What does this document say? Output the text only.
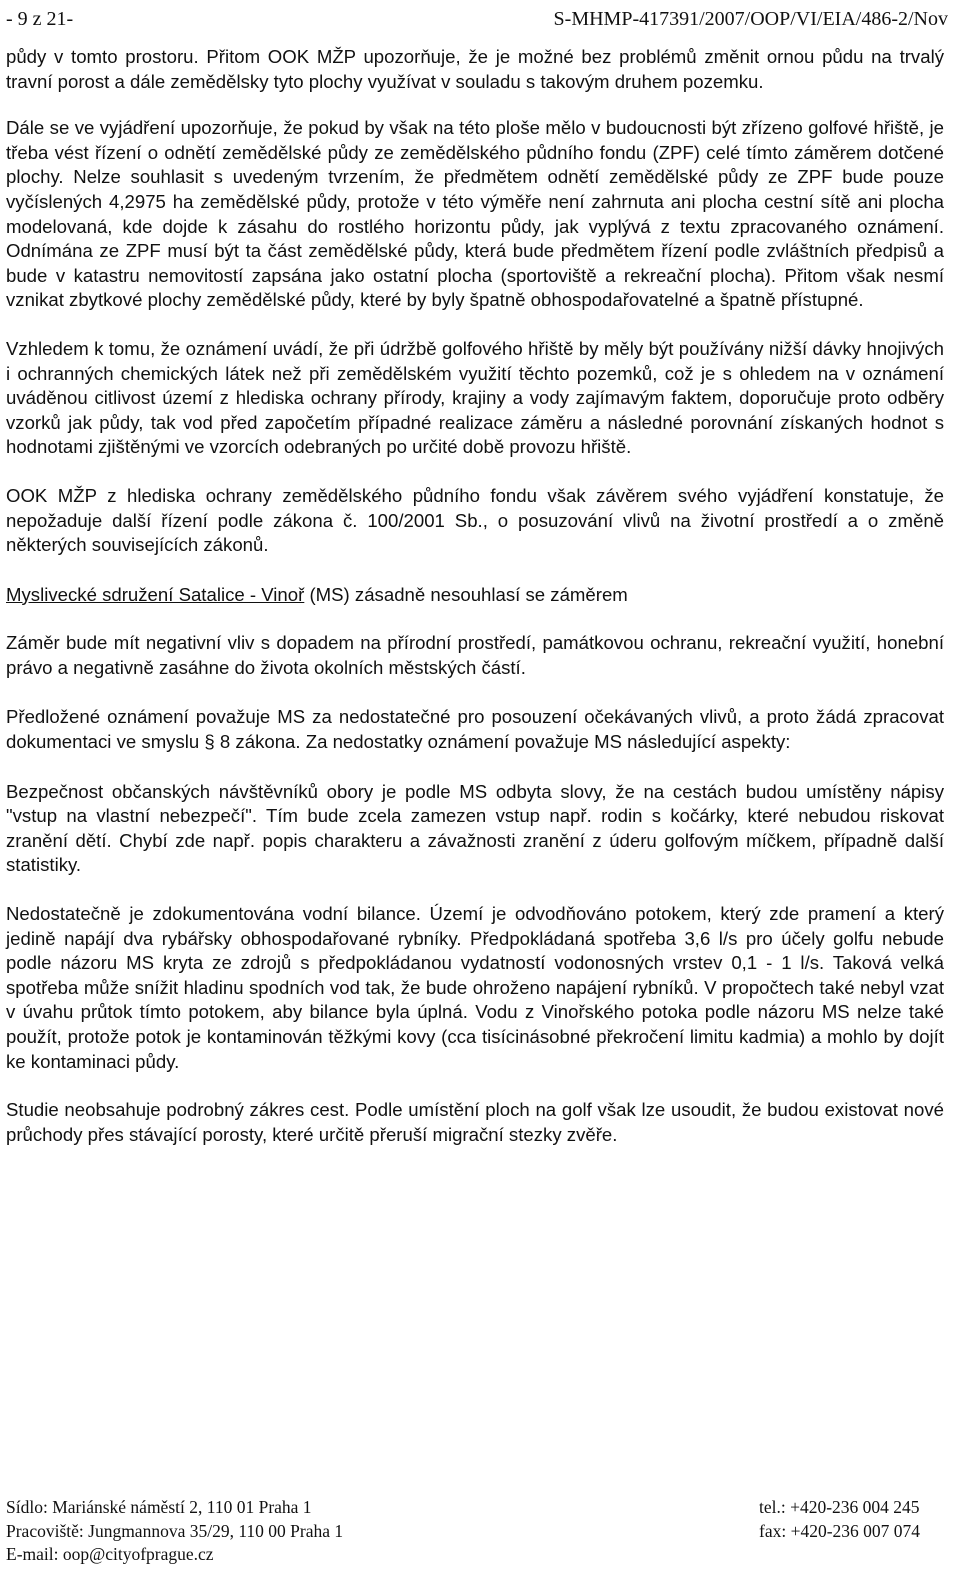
- 9 z 21-	S-MHMP-417391/2007/OOP/VI/EIA/486-2/Nov

půdy v tomto prostoru. Přitom OOK MŽP upozorňuje, že je možné bez problémů změnit ornou půdu na trvalý travní porost a dále zemědělsky tyto plochy využívat v souladu s takovým druhem pozemku.

Dále se ve vyjádření upozorňuje, že pokud by však na této ploše mělo v budoucnosti být zřízeno golfové hřiště, je třeba vést řízení o odnětí zemědělské půdy ze zemědělského půdního fondu (ZPF) celé tímto záměrem dotčené plochy. Nelze souhlasit s uvedeným tvrzením, že předmětem odnětí zemědělské půdy ze ZPF bude pouze vyčíslených 4,2975 ha zemědělské půdy, protože v této výměře není zahrnuta ani plocha cestní sítě ani plocha modelovaná, kde dojde k zásahu do rostlého horizontu půdy, jak vyplývá z textu zpracovaného oznámení. Odnímána ze ZPF musí být ta část zemědělské půdy, která bude předmětem řízení podle zvláštních předpisů a bude v katastru nemovitostí zapsána jako ostatní plocha (sportoviště a rekreační plocha). Přitom však nesmí vznikat zbytkové plochy zemědělské půdy, které by byly špatně obhospodařovatelné a špatně přístupné.

Vzhledem k tomu, že oznámení uvádí, že při údržbě golfového hřiště by měly být používány nižší dávky hnojivých i ochranných chemických látek než při zemědělském využití těchto pozemků, což je s ohledem na v oznámení uváděnou citlivost území z hlediska ochrany přírody, krajiny a vody zajímavým faktem, doporučuje proto odběry vzorků jak půdy, tak vod před započetím případné realizace záměru a následné porovnání získaných hodnot s hodnotami zjištěnými ve vzorcích odebraných po určité době provozu hřiště.

OOK MŽP z hlediska ochrany zemědělského půdního fondu však závěrem svého vyjádření konstatuje, že nepožaduje další řízení podle zákona č. 100/2001 Sb., o posuzování vlivů na životní prostředí a o změně některých souvisejících zákonů.

Myslivecké sdružení Satalice - Vinoř (MS) zásadně nesouhlasí se záměrem

Záměr bude mít negativní vliv s dopadem na přírodní prostředí, památkovou ochranu, rekreační využití, honební právo a negativně zasáhne do života okolních městských částí.

Předložené oznámení považuje MS za nedostatečné pro posouzení očekávaných vlivů, a proto žádá zpracovat dokumentaci ve smyslu § 8 zákona. Za nedostatky oznámení považuje MS následující aspekty:

Bezpečnost občanských návštěvníků obory je podle MS odbyta slovy, že na cestách budou umístěny nápisy "vstup na vlastní nebezpečí". Tím bude zcela zamezen vstup např. rodin s kočárky, které nebudou riskovat zranění dětí. Chybí zde např. popis charakteru a závažnosti zranění z úderu golfovým míčkem, případně další statistiky.

Nedostatečně je zdokumentována vodní bilance. Území je odvodňováno potokem, který zde pramení a který jedině napájí dva rybářsky obhospodařované rybníky. Předpokládaná spotřeba 3,6 l/s pro účely golfu nebude podle názoru MS kryta ze zdrojů s předpokládanou vydatností vodonosných vrstev 0,1 - 1 l/s. Taková velká spotřeba může snížit hladinu spodních vod tak, že bude ohroženo napájení rybníků. V propočtech také nebyl vzat v úvahu průtok tímto potokem, aby bilance byla úplná. Vodu z Vinořského potoka podle názoru MS nelze také použít, protože potok je kontaminován těžkými kovy (cca tisícinásobné překročení limitu kadmia) a mohlo by dojít ke kontaminaci půdy.

Studie neobsahuje podrobný zákres cest. Podle umístění ploch na golf však lze usoudit, že budou existovat nové průchody přes stávající porosty, které určitě přeruší migrační stezky zvěře.

Sídlo: Mariánské náměstí 2, 110 01 Praha 1
Pracoviště: Jungmannova 35/29, 110 00 Praha 1
E-mail: oop@cityofprague.cz
tel.: +420-236 004 245
fax: +420-236 007 074
